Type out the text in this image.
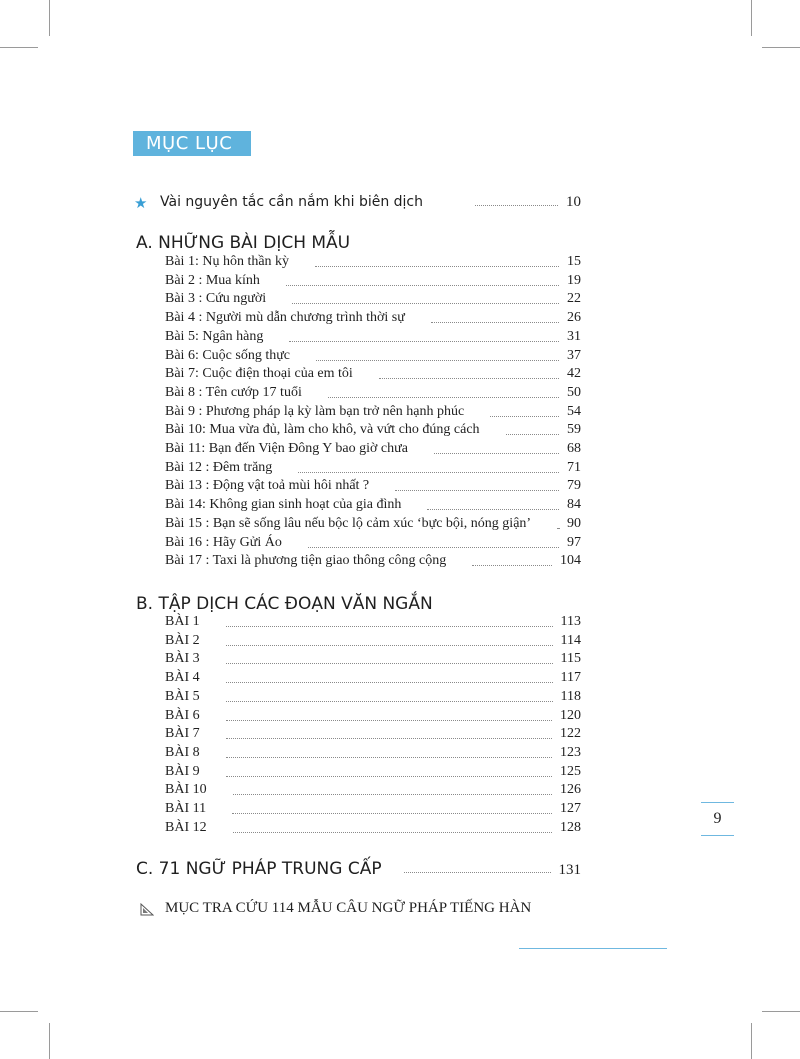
MỤC LỤC
★ Vài nguyên tắc cần nắm khi biên dịch	10
A. NHỮNG BÀI DỊCH MẪU
Bài 1: Nụ hôn thần kỳ	15
Bài 2 : Mua kính	19
Bài 3 : Cứu người	22
Bài 4 : Người mù dẫn chương trình thời sự	26
Bài 5: Ngân hàng	31
Bài 6: Cuộc sống thực	37
Bài 7: Cuộc điện thoại của em tôi	42
Bài 8 : Tên cướp 17 tuổi	50
Bài 9 : Phương pháp lạ kỳ làm bạn trở nên hạnh phúc	54
Bài 10: Mua vừa đủ, làm cho khô, và vứt cho đúng cách	59
Bài 11: Bạn đến Viện Đông Y bao giờ chưa	68
Bài 12 : Đêm trăng	71
Bài 13 : Động vật toả mùi hôi nhất ?	79
Bài 14: Không gian sinh hoạt của gia đình	84
Bài 15 : Bạn sẽ sống lâu nếu bộc lộ cảm xúc ‘bực bội, nóng giận’	90
Bài 16 : Hãy Gửi Áo	97
Bài 17 : Taxi là phương tiện giao thông công cộng	104
B. TẬP DỊCH CÁC ĐOẠN VĂN NGẮN
BÀI 1	113
BÀI 2	114
BÀI 3	115
BÀI 4	117
BÀI 5	118
BÀI 6	120
BÀI 7	122
BÀI 8	123
BÀI 9	125
BÀI 10	126
BÀI 11	127
BÀI 12	128
C. 71 NGỮ PHÁP TRUNG CẤP	131
MỤC TRA CỨU 114 MẪU CÂU NGỮ PHÁP TIẾNG HÀN
9
